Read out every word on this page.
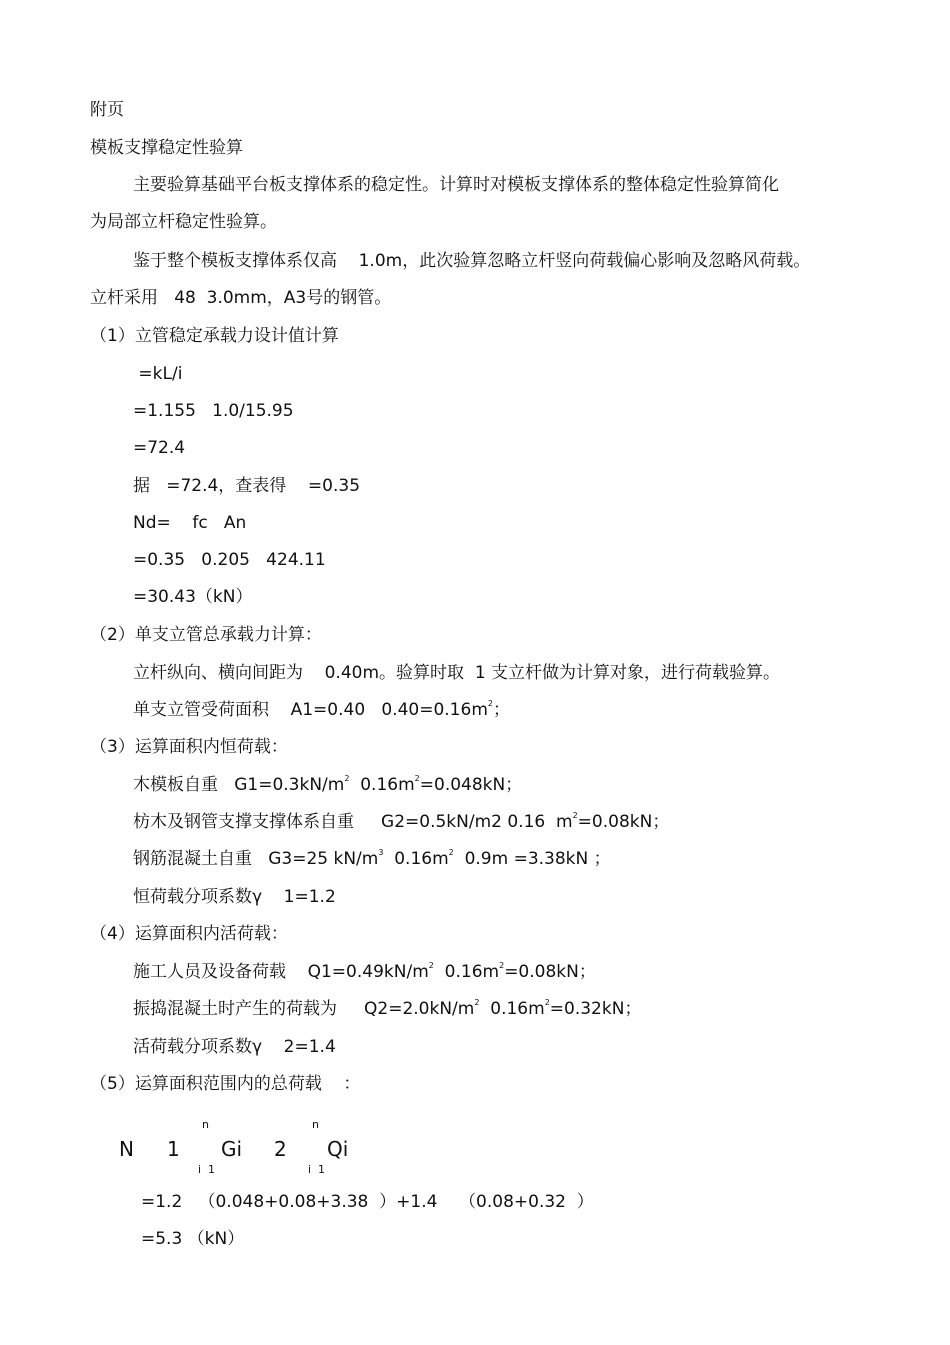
附页
模板支撑稳定性验算
主要验算基础平台板支撑体系的稳定性。计算时对模板支撑体系的整体稳定性验算简化
为局部立杆稳定性验算。
鉴于整个模板支撑体系仅高    1.0m，此次验算忽略立杆竖向荷载偏心影响及忽略风荷载。
立杆采用   48  3.0mm，A3号的钢管。
（1）立管稳定承载力设计值计算
=kL/i
=1.155   1.0/15.95
=72.4
据   =72.4，查表得    =0.35
Nd=    fc   An
=0.35   0.205   424.11
=30.43（kN）
（2）单支立管总承载力计算：
立杆纵向、横向间距为    0.40m。验算时取  1 支立杆做为计算对象，进行荷载验算。
单支立管受荷面积    A1=0.40   $0.40=0.16m^2$；
（3）运算面积内恒荷载：
木模板自重   $G1=0.3kN/m^2$  $0.16m^2=0.048kN$；
枋木及钢管支撑支撑体系自重     G2=0.5kN/m2 0.16  $m^2=0.08kN$；
钢筋混凝土自重   G3=25 $kN/m^3$  $0.16m^2$  0.9m =3.38kN ；
恒荷载分项系数γ    1=1.2
（4）运算面积内活荷载：
施工人员及设备荷载    $Q1=0.49kN/m^2$  $0.16m^2=0.08kN$；
振捣混凝土时产生的荷载为     $Q2=2.0kN/m^2$  $0.16m^2=0.32kN$；
活荷载分项系数γ    2=1.4
（5）运算面积范围内的总荷载    ：
n	n
N 1 Gi 2 Qi
i  1	i  1
=1.2   （0.048+0.08+3.38  ）+1.4    （0.08+0.32  ）
=5.3 （kN）
